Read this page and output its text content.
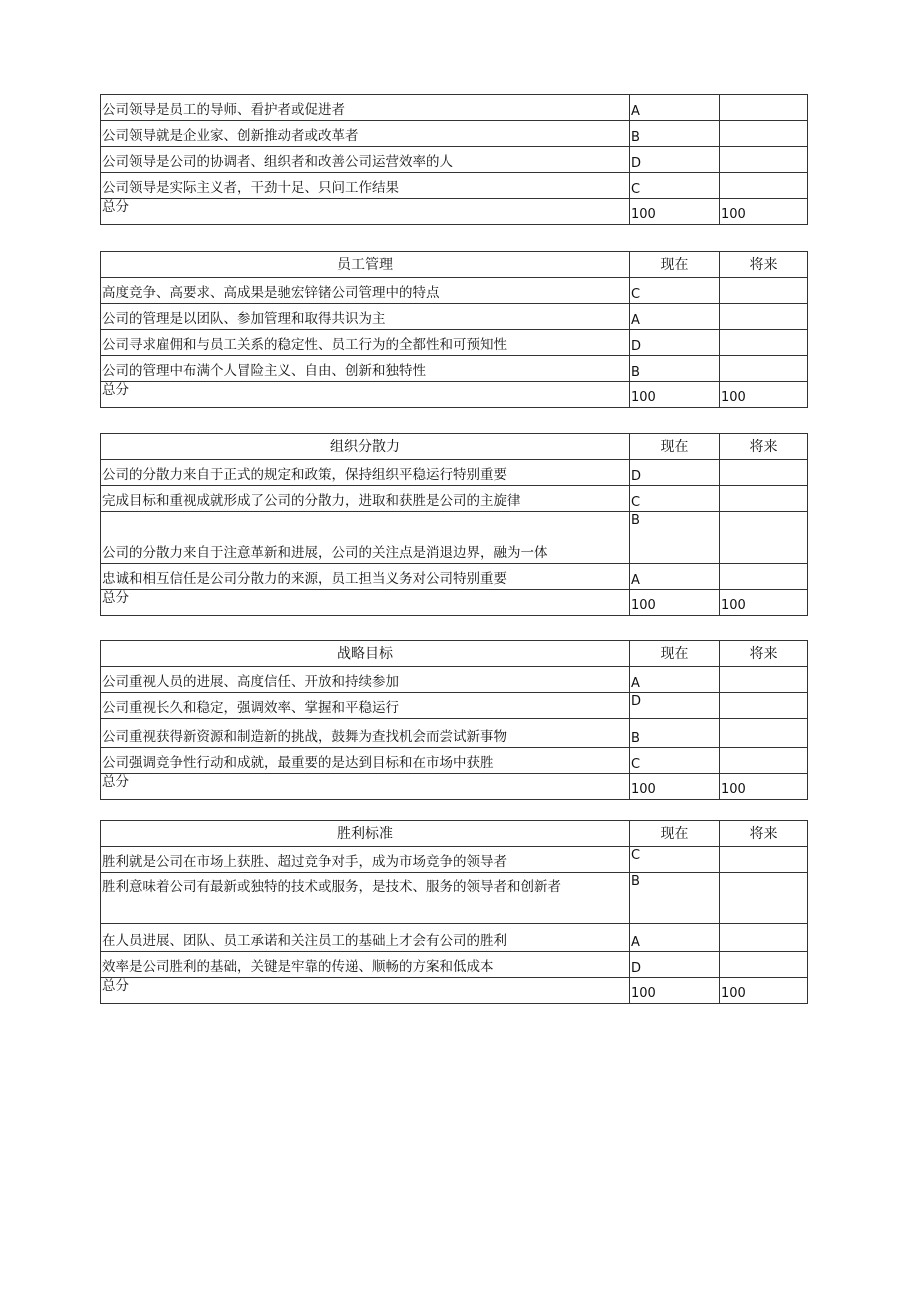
公司领导是员工的导师、看护者或促进者	A	
公司领导就是企业家、创新推动者或改革者	B	
公司领导是公司的协调者、组织者和改善公司运营效率的人	D	
公司领导是实际主义者，干劲十足、只问工作结果	C	
总分	100	100
员工管理	现在	将来
高度竞争、高要求、高成果是驰宏锌锗公司管理中的特点	C	
公司的管理是以团队、参加管理和取得共识为主	A	
公司寻求雇佣和与员工关系的稳定性、员工行为的全都性和可预知性	D	
公司的管理中布满个人冒险主义、自由、创新和独特性	B	
总分	100	100
组织分散力	现在	将来
公司的分散力来自于正式的规定和政策，保持组织平稳运行特别重要	D	
完成目标和重视成就形成了公司的分散力，进取和获胜是公司的主旋律	C	
公司的分散力来自于注意革新和进展，公司的关注点是消退边界，融为一体	B	
忠诚和相互信任是公司分散力的来源，员工担当义务对公司特别重要	A	
总分	100	100
战略目标	现在	将来
公司重视人员的进展、高度信任、开放和持续参加	A	
公司重视长久和稳定，强调效率、掌握和平稳运行	D	
公司重视获得新资源和制造新的挑战，鼓舞为查找机会而尝试新事物	B	
公司强调竞争性行动和成就，最重要的是达到目标和在市场中获胜	C	
总分	100	100
胜利标准	现在	将来
胜利就是公司在市场上获胜、超过竞争对手，成为市场竞争的领导者	C	
胜利意味着公司有最新或独特的技术或服务，是技术、服务的领导者和创新者	B	
在人员进展、团队、员工承诺和关注员工的基础上才会有公司的胜利	A	
效率是公司胜利的基础，关键是牢靠的传递、顺畅的方案和低成本	D	
总分	100	100
